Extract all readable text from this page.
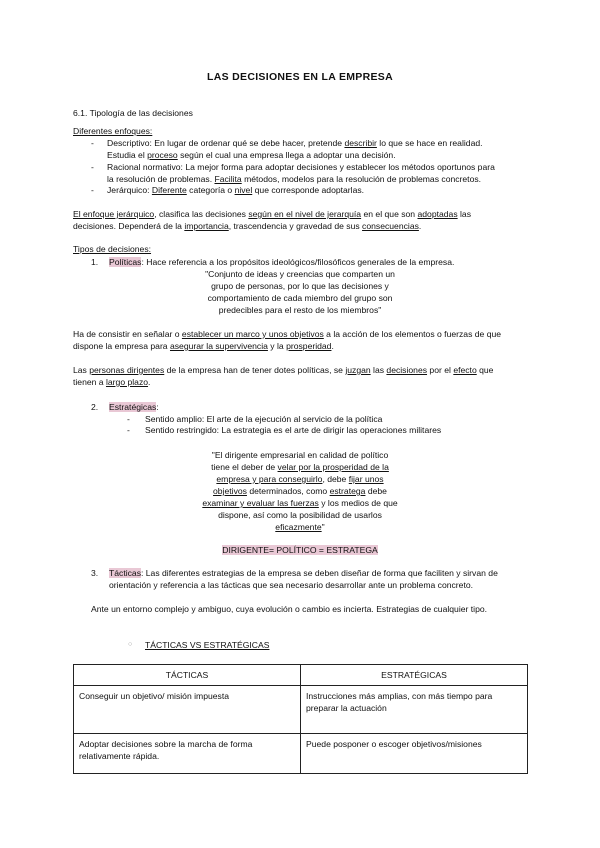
LAS DECISIONES EN LA EMPRESA
6.1. Tipología de las decisiones
Diferentes enfoques:
- Descriptivo: En lugar de ordenar qué se debe hacer, pretende describir lo que se hace en realidad.
Estudia el proceso según el cual una empresa llega a adoptar una decisión.
- Racional normativo: La mejor forma para adoptar decisiones y establecer los métodos oportunos para
la resolución de problemas. Facilita métodos, modelos para la resolución de problemas concretos.
- Jerárquico: Diferente categoría o nivel que corresponde adoptarlas.
El enfoque jerárquico, clasifica las decisiones según en el nivel de jerarquía en el que son adoptadas las
decisiones. Dependerá de la importancia, trascendencia y gravedad de sus consecuencias.
Tipos de decisiones:
1. Políticas: Hace referencia a los propósitos ideológicos/filosóficos generales de la empresa.
"Conjunto de ideas y creencias que comparten un
grupo de personas, por lo que las decisiones y
comportamiento de cada miembro del grupo son
predecibles para el resto de los miembros"
Ha de consistir en señalar o establecer un marco y unos objetivos a la acción de los elementos o fuerzas de que
dispone la empresa para asegurar la supervivencia y la prosperidad.
Las personas dirigentes de la empresa han de tener dotes políticas, se juzgan las decisiones por el efecto que
tienen a largo plazo.
2. Estratégicas:
- Sentido amplio: El arte de la ejecución al servicio de la política
- Sentido restringido: La estrategia es el arte de dirigir las operaciones militares
"El dirigente empresarial en calidad de político
tiene el deber de velar por la prosperidad de la
empresa y para conseguirlo, debe fijar unos
objetivos determinados, como estratega debe
examinar y evaluar las fuerzas y los medios de que
dispone, así como la posibilidad de usarlos
eficazmente"
DIRIGENTE= POLÍTICO = ESTRATEGA
3. Tácticas: Las diferentes estrategias de la empresa se deben diseñar de forma que faciliten y sirvan de
orientación y referencia a las tácticas que sea necesario desarrollar ante un problema concreto.
Ante un entorno complejo y ambiguo, cuya evolución o cambio es incierta. Estrategias de cualquier tipo.
○ TÁCTICAS VS ESTRATÉGICAS
TÁCTICAS	ESTRATÉGICAS
Conseguir un objetivo/ misión impuesta	Instrucciones más amplias, con más tiempo para preparar la actuación
Adoptar decisiones sobre la marcha de forma relativamente rápida.	Puede posponer o escoger objetivos/misiones
